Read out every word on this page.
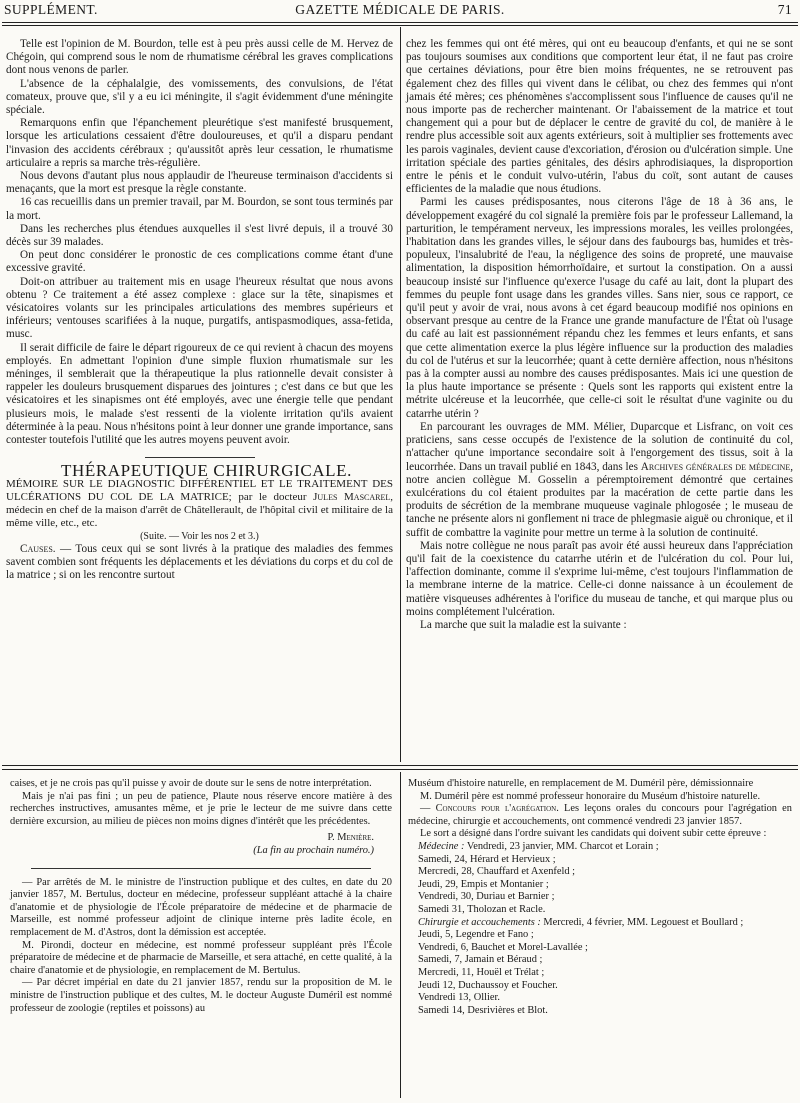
SUPPLÉMENT.	GAZETTE MÉDICALE DE PARIS.	71

Telle est l'opinion de M. Bourdon, telle est à peu près aussi celle de M. Hervez de Chégoin, qui comprend sous le nom de rhumatisme cérébral les graves complications dont nous venons de parler.

L'absence de la céphalalgie, des vomissements, des convulsions, de l'état comateux, prouve que, s'il y a eu ici méningite, il s'agit évidemment d'une méningite spéciale.

Remarquons enfin que l'épanchement pleurétique s'est manifesté brusquement, lorsque les articulations cessaient d'être douloureuses, et qu'il a disparu pendant l'invasion des accidents cérébraux ; qu'aussitôt après leur cessation, le rhumatisme articulaire a repris sa marche très-régulière.

Nous devons d'autant plus nous applaudir de l'heureuse terminaison d'accidents si menaçants, que la mort est presque la règle constante.

16 cas recueillis dans un premier travail, par M. Bourdon, se sont tous terminés par la mort.

Dans les recherches plus étendues auxquelles il s'est livré depuis, il a trouvé 30 décès sur 39 malades.

On peut donc considérer le pronostic de ces complications comme étant d'une excessive gravité.

Doit-on attribuer au traitement mis en usage l'heureux résultat que nous avons obtenu ? Ce traitement a été assez complexe : glace sur la tête, sinapismes et vésicatoires volants sur les principales articulations des membres supérieurs et inférieurs; ventouses scarifiées à la nuque, purgatifs, antispasmodiques, assa-fetida, musc.

Il serait difficile de faire le départ rigoureux de ce qui revient à chacun des moyens employés. En admettant l'opinion d'une simple fluxion rhumatismale sur les méninges, il semblerait que la thérapeutique la plus rationnelle devait consister à rappeler les douleurs brusquement disparues des jointures ; c'est dans ce but que les vésicatoires et les sinapismes ont été employés, avec une énergie telle que pendant plusieurs mois, le malade s'est ressenti de la violente irritation qu'ils avaient déterminée à la peau. Nous n'hésitons point à leur donner une grande importance, sans contester toutefois l'utilité que les autres moyens peuvent avoir.

THÉRAPEUTIQUE CHIRURGICALE.

MÉMOIRE SUR LE DIAGNOSTIC DIFFÉRENTIEL ET LE TRAITEMENT DES ULCÉRATIONS DU COL DE LA MATRICE; par le docteur Jules Mascarel, médecin en chef de la maison d'arrêt de Châtellerault, de l'hôpital civil et militaire de la même ville, etc., etc.

(Suite. — Voir les nos 2 et 3.)

Causes. — Tous ceux qui se sont livrés à la pratique des maladies des femmes savent combien sont fréquents les déplacements et les déviations du corps et du col de la matrice ; si on les rencontre surtout

chez les femmes qui ont été mères, qui ont eu beaucoup d'enfants, et qui ne se sont pas toujours soumises aux conditions que comportent leur état, il ne faut pas croire que certaines déviations, pour être bien moins fréquentes, ne se retrouvent pas également chez des filles qui vivent dans le célibat, ou chez des femmes qui n'ont jamais été mères; ces phénomènes s'accomplissent sous l'influence de causes qu'il ne nous importe pas de rechercher maintenant. Or l'abaissement de la matrice et tout changement qui a pour but de déplacer le centre de gravité du col, de manière à le rendre plus accessible soit aux agents extérieurs, soit à multiplier ses frottements avec les parois vaginales, devient cause d'excoriation, d'érosion ou d'ulcération simple. Une irritation spéciale des parties génitales, des désirs aphrodisiaques, la disproportion entre le pénis et le conduit vulvo-utérin, l'abus du coït, sont autant de causes efficientes de la maladie que nous étudions.

Parmi les causes prédisposantes, nous citerons l'âge de 18 à 36 ans, le développement exagéré du col signalé la première fois par le professeur Lallemand, la parturition, le tempérament nerveux, les impressions morales, les veilles prolongées, l'habitation dans les grandes villes, le séjour dans des faubourgs bas, humides et très-populeux, l'insalubrité de l'eau, la négligence des soins de propreté, une mauvaise alimentation, la disposition hémorrhoïdaire, et surtout la constipation. On a aussi beaucoup insisté sur l'influence qu'exerce l'usage du café au lait, dont la plupart des femmes du peuple font usage dans les grandes villes. Sans nier, sous ce rapport, ce qu'il peut y avoir de vrai, nous avons à cet égard beaucoup modifié nos opinions en observant presque au centre de la France une grande manufacture de l'État où l'usage du café au lait est passionnément répandu chez les femmes et leurs enfants, et sans que cette alimentation exerce la plus légère influence sur la production des maladies du col de l'utérus et sur la leucorrhée; quant à cette dernière affection, nous n'hésitons pas à la compter aussi au nombre des causes prédisposantes. Mais ici une question de la plus haute importance se présente : Quels sont les rapports qui existent entre la métrite ulcéreuse et la leucorrhée, que celle-ci soit le résultat d'une vaginite ou du catarrhe utérin ?

En parcourant les ouvrages de MM. Mélier, Duparcque et Lisfranc, on voit ces praticiens, sans cesse occupés de l'existence de la solution de continuité du col, n'attacher qu'une importance secondaire soit à l'engorgement des tissus, soit à la leucorrhée. Dans un travail publié en 1843, dans les Archives générales de médecine, notre ancien collègue M. Gosselin a péremptoirement démontré que certaines exulcérations du col étaient produites par la macération de cette partie dans les produits de sécrétion de la membrane muqueuse vaginale phlogosée ; le museau de tanche ne présente alors ni gonflement ni trace de phlegmasie aiguë ou chronique, et il suffit de combattre la vaginite pour mettre un terme à la solution de continuité.

Mais notre collègue ne nous paraît pas avoir été aussi heureux dans l'appréciation qu'il fait de la coexistence du catarrhe utérin et de l'ulcération du col. Pour lui, l'affection dominante, comme il s'exprime lui-même, c'est toujours l'inflammation de la membrane interne de la matrice. Celle-ci donne naissance à un écoulement de matière visqueuses adhérentes à l'orifice du museau de tanche, et qui marque plus ou moins complétement l'ulcération.

La marche que suit la maladie est la suivante :

caises, et je ne crois pas qu'il puisse y avoir de doute sur le sens de notre interprétation.

Mais je n'ai pas fini ; un peu de patience, Plaute nous réserve encore matière à des recherches instructives, amusantes même, et je prie le lecteur de me suivre dans cette dernière excursion, au milieu de pièces non moins dignes d'intérêt que les précédentes.

P. Menière.

(La fin au prochain numéro.)

— Par arrêtés de M. le ministre de l'instruction publique et des cultes, en date du 20 janvier 1857, M. Bertulus, docteur en médecine, professeur suppléant attaché à la chaire d'anatomie et de physiologie de l'École préparatoire de médecine et de pharmacie de Marseille, est nommé professeur adjoint de clinique interne près ladite école, en remplacement de M. d'Astros, dont la démission est acceptée.

M. Pirondi, docteur en médecine, est nommé professeur suppléant près l'École préparatoire de médecine et de pharmacie de Marseille, et sera attaché, en cette qualité, à la chaire d'anatomie et de physiologie, en remplacement de M. Bertulus.

— Par décret impérial en date du 21 janvier 1857, rendu sur la proposition de M. le ministre de l'instruction publique et des cultes, M. le docteur Auguste Duméril est nommé professeur de zoologie (reptiles et poissons) au

Muséum d'histoire naturelle, en remplacement de M. Duméril père, démissionnaire

M. Duméril père est nommé professeur honoraire du Muséum d'histoire naturelle.

— Concours pour l'agrégation. Les leçons orales du concours pour l'agrégation en médecine, chirurgie et accouchements, ont commencé vendredi 23 janvier 1857.

Le sort a désigné dans l'ordre suivant les candidats qui doivent subir cette épreuve :

Médecine : Vendredi, 23 janvier, MM. Charcot et Lorain ;

Samedi, 24, Hérard et Hervieux ;

Mercredi, 28, Chauffard et Axenfeld ;

Jeudi, 29, Empis et Montanier ;

Vendredi, 30, Duriau et Barnier ;

Samedi 31, Tholozan et Racle.

Chirurgie et accouchements : Mercredi, 4 février, MM. Legouest et Boullard ;

Jeudi, 5, Legendre et Fano ;

Vendredi, 6, Bauchet et Morel-Lavallée ;

Samedi, 7, Jamain et Béraud ;

Mercredi, 11, Houël et Trélat ;

Jeudi 12, Duchaussoy et Foucher.

Vendredi 13, Ollier.

Samedi 14, Desrivières et Blot.
